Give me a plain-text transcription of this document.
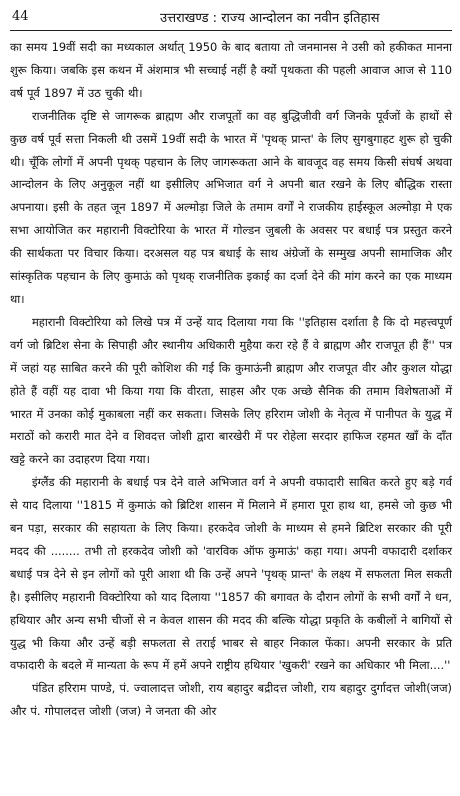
44	उत्तराखण्ड : राज्य आन्दोलन का नवीन इतिहास

का समय 19वीं सदी का मध्यकाल अर्थात् 1950 के बाद बताया तो जनमानस ने उसी को हकीकत मानना शुरू किया। जबकि इस कथन में अंशमात्र भी सच्चाई नहीं है क्योंं पृथकता की पहली आवाज आज से 110 वर्ष पूर्व 1897 में उठ चुकी थी।

राजनीतिक दृष्टि से जागरूक ब्राह्मण और राजपूतों का वह बुद्धिजीवी वर्ग जिनके पूर्वजों के हाथों से कुछ वर्ष पूर्व सत्ता निकली थी उसमें 19वीं सदी के भारत में 'पृथक् प्रान्त' के लिए सुगबुगाहट शुरू हो चुकी थी। चूँकि लोगों में अपनी पृथक् पहचान के लिए जागरूकता आने के बावजूद वह समय किसी संघर्ष अथवा आन्दोलन के लिए अनुकूल नहीं था इसीलिए अभिजात वर्ग ने अपनी बात रखने के लिए बौद्धिक रास्ता अपनाया। इसी के तहत जून 1897 में अल्मोड़ा जिले के तमाम वर्गों ने राजकीय हाईस्कूल अल्मोड़ा मे एक सभा आयोजित कर महारानी विक्टोरिया के भारत में गोल्डन जुबली के अवसर पर बधाई पत्र प्रस्तुत करने की सार्थकता पर विचार किया। दरअसल यह पत्र बधाई के साथ अंग्रेजों के सम्मुख अपनी सामाजिक और सांस्कृतिक पहचान के लिए कुमाऊं को पृथक् राजनीतिक इकाई का दर्जा देने की मांग करने का एक माध्यम था।

महारानी विक्टोरिया को लिखे पत्र में उन्हें याद दिलाया गया कि ''इतिहास दर्शाता है कि दो महत्त्वपूर्ण वर्ग जो ब्रिटिश सेना के सिपाही और स्थानीय अधिकारी मुहैया करा रहे हैं वे ब्राह्मण और राजपूत ही हैं'' पत्र में जहां यह साबित करने की पूरी कोशिश की गई कि कुमाऊंनी ब्राह्मण और राजपूत वीर और कुशल योद्धा होते हैं वहीं यह दावा भी किया गया कि वीरता, साहस और एक अच्छे सैनिक की तमाम विशेषताओं में भारत में उनका कोई मुकाबला नहीं कर सकता। जिसके लिए हरिराम जोशी के नेतृत्व में पानीपत के युद्ध में मराठों को करारी मात देने व शिवदत्त जोशी द्वारा बारखेरी में पर रोहेला सरदार हाफिज रहमत खाँ के दाँत खट्टे करने का उदाहरण दिया गया।

इंग्लैंड की महारानी के बधाई पत्र देने वाले अभिजात वर्ग ने अपनी वफादारी साबित करते हुए बड़े गर्व से याद दिलाया ''1815 में कुमाऊं को ब्रिटिश शासन में मिलाने में हमारा पूरा हाथ था, हमसे जो कुछ भी बन पड़ा, सरकार की सहायता के लिए किया। हरकदेव जोशी के माध्यम से हमने ब्रिटिश सरकार की पूरी मदद की ........ तभी तो हरकदेव जोशी को 'वारविक ऑफ कुमाऊं' कहा गया। अपनी वफादारी दर्शाकर बधाई पत्र देने से इन लोगों को पूरी आशा थी कि उन्हें अपने 'पृथक् प्रान्त' के लक्ष्य में सफलता मिल सकती है। इसीलिए महारानी विक्टोरिया को याद दिलाया ''1857 की बगावत के दौरान लोगों के सभी वर्गों ने धन, हथियार और अन्य सभी चीजों से न केवल शासन की मदद की बल्कि योद्धा प्रकृति के कबीलों ने बागियों से युद्ध भी किया और उन्हें बड़ी सफलता से तराई भाबर से बाहर निकाल फेंका। अपनी सरकार के प्रति वफादारी के बदले में मान्यता के रूप में हमें अपने राष्ट्रीय हथियार 'खुकरी' रखने का अधिकार भी मिला....''

पंडित हरिराम पाण्डे, पं. ज्वालादत्त जोशी, राय बहादुर बद्रीदत्त जोशी, राय बहादुर दुर्गादत्त जोशी(जज) और पं. गोपालदत्त जोशी (जज) ने जनता की ओर
